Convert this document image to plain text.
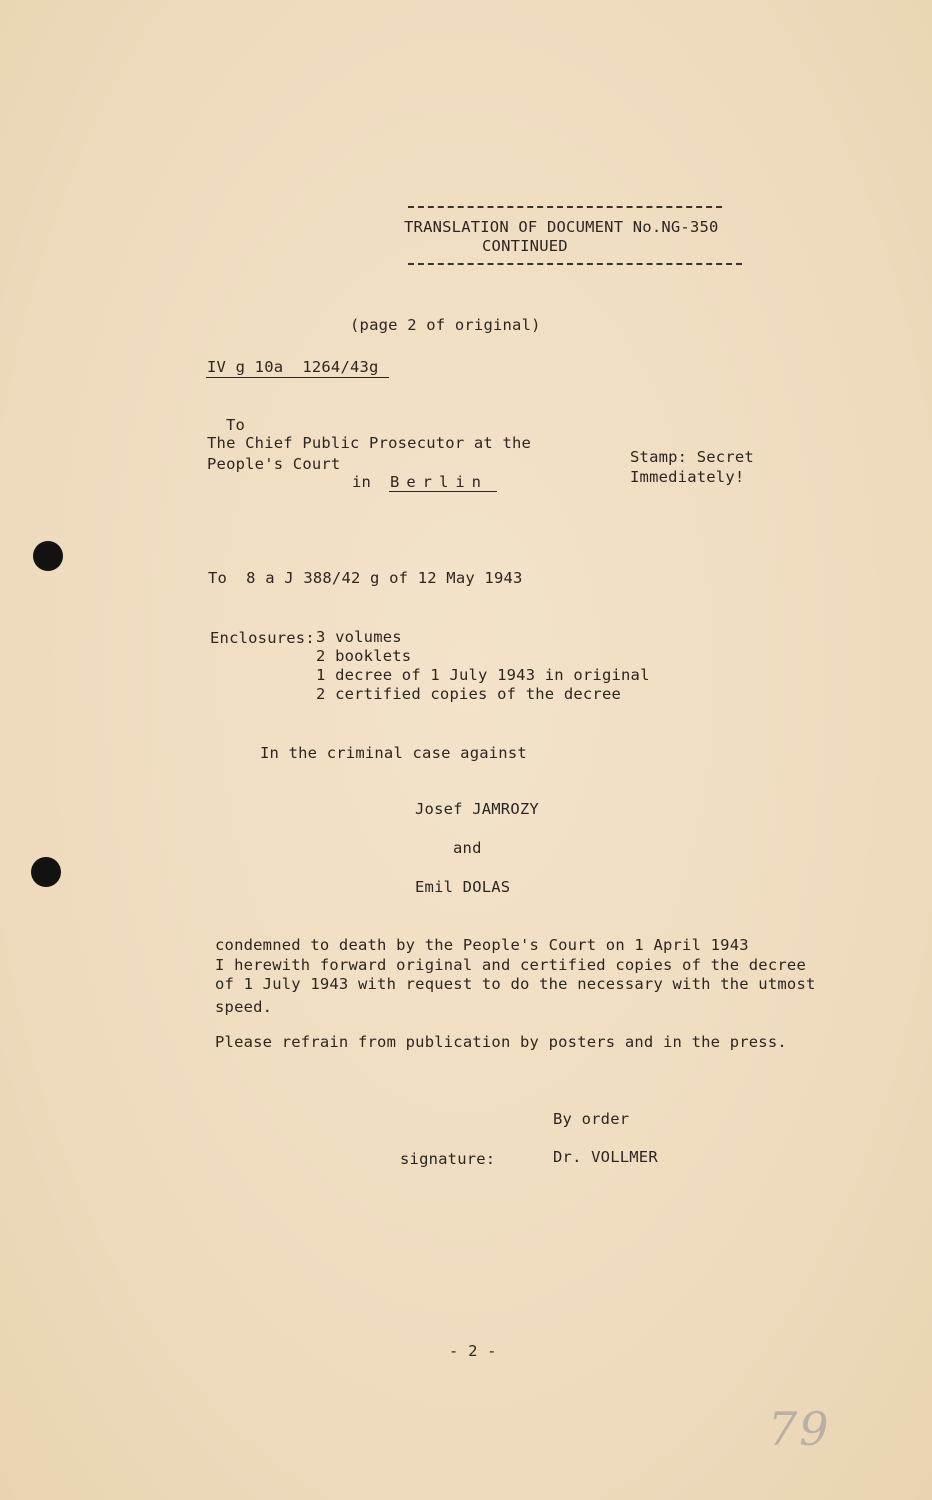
TRANSLATION OF DOCUMENT No.NG-350
CONTINUED
(page 2 of original)
IV g 10a  1264/43g
To
The Chief Public Prosecutor at the
People's Court
in Berlin
Stamp: Secret
Immediately!
To  8 a J 388/42 g of 12 May 1943
Enclosures: 3 volumes
2 booklets
1 decree of 1 July 1943 in original
2 certified copies of the decree
In the criminal case against
Josef JAMROZY
and
Emil DOLAS
condemned to death by the People's Court on 1 April 1943
I herewith forward original and certified copies of the decree
of 1 July 1943 with request to do the necessary with the utmost
speed.
Please refrain from publication by posters and in the press.
By order
signature:	Dr. VOLLMER
- 2 -
79
